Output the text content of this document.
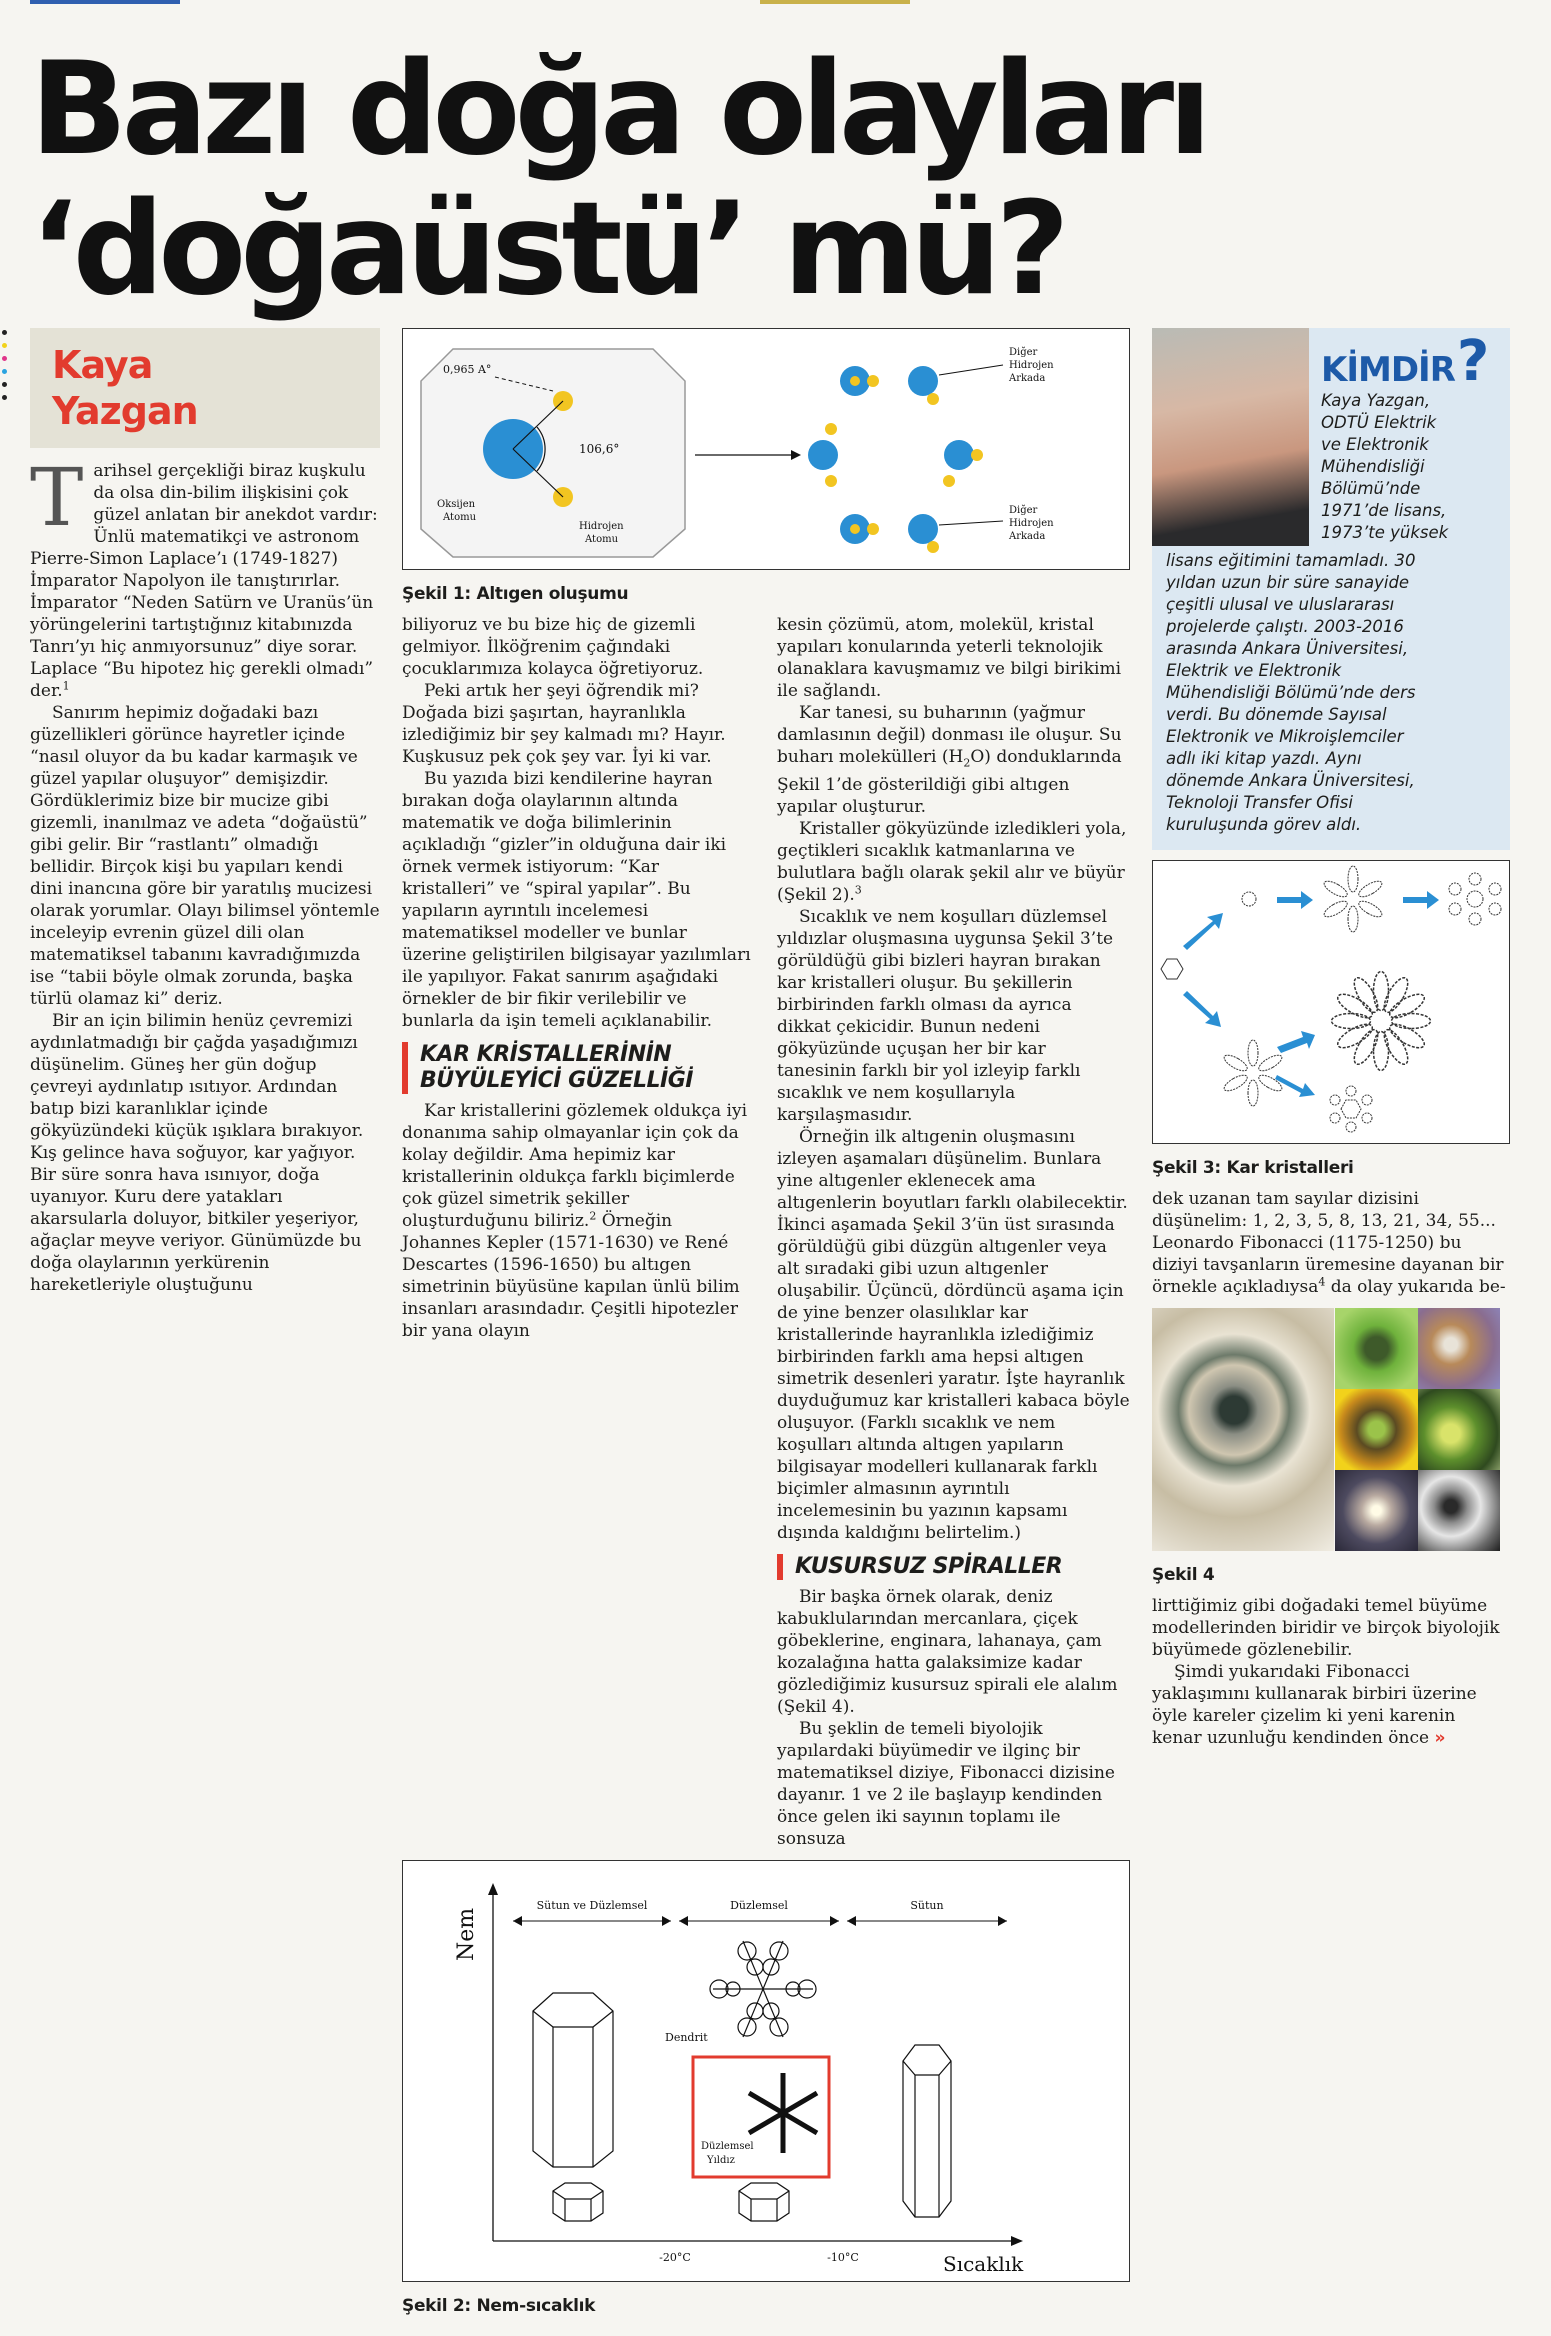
Bazı doğa olayları
‘doğaüstü’ mü?
Kaya
Yazgan

Tarihsel gerçekliği biraz kuşkulu da olsa din-bilim ilişkisini çok güzel anlatan bir anekdot vardır: Ünlü matematikçi ve astronom Pierre-Simon Laplace’ı (1749-1827) İmparator Napolyon ile tanıştırırlar. İmparator “Neden Satürn ve Uranüs’ün yörüngelerini tartıştığınız kitabınızda Tanrı’yı hiç anmıyorsunuz” diye sorar. Laplace “Bu hipotez hiç gerekli olmadı” der.$^1$

Sanırım hepimiz doğadaki bazı güzellikleri görünce hayretler içinde “nasıl oluyor da bu kadar karmaşık ve güzel yapılar oluşuyor” demişizdir. Gördüklerimiz bize bir mucize gibi gizemli, inanılmaz ve adeta “doğaüstü” gibi gelir. Bir “rastlantı” olmadığı bellidir. Birçok kişi bu yapıları kendi dini inancına göre bir yaratılış mucizesi olarak yorumlar. Olayı bilimsel yöntemle inceleyip evrenin güzel dili olan matematiksel tabanını kavradığımızda ise “tabii böyle olmak zorunda, başka türlü olamaz ki” deriz.

Bir an için bilimin henüz çevremizi aydınlatmadığı bir çağda yaşadığımızı düşünelim. Güneş her gün doğup çevreyi aydınlatıp ısıtıyor. Ardından batıp bizi karanlıklar içinde gökyüzündeki küçük ışıklara bırakıyor. Kış gelince hava soğuyor, kar yağıyor. Bir süre sonra hava ısınıyor, doğa uyanıyor. Kuru dere yatakları akarsularla doluyor, bitkiler yeşeriyor, ağaçlar meyve veriyor. Günümüzde bu doğa olaylarının yerkürenin hareketleriyle oluştuğunu

0,965 A°
106,6°
Oksijen
Atomu
Hidrojen
Atomu
Diğer
Hidrojen
Arkada
Diğer
Hidrojen
Arkada
Şekil 1: Altıgen oluşumu

biliyoruz ve bu bize hiç de gizemli gelmiyor. İlköğrenim çağındaki çocuklarımıza kolayca öğretiyoruz.

Peki artık her şeyi öğrendik mi? Doğada bizi şaşırtan, hayranlıkla izlediğimiz bir şey kalmadı mı? Hayır. Kuşkusuz pek çok şey var. İyi ki var.

Bu yazıda bizi kendilerine hayran bırakan doğa olaylarının altında matematik ve doğa bilimlerinin açıkladığı “gizler”in olduğuna dair iki örnek vermek istiyorum: “Kar kristalleri” ve “spiral yapılar”. Bu yapıların ayrıntılı incelemesi matematiksel modeller ve bunlar üzerine geliştirilen bilgisayar yazılımları ile yapılıyor. Fakat sanırım aşağıdaki örnekler de bir fikir verilebilir ve bunlarla da işin temeli açıklanabilir.

KAR KRİSTALLERİNİN BÜYÜLEYİCİ GÜZELLİĞİ

Kar kristallerini gözlemek oldukça iyi donanıma sahip olmayanlar için çok da kolay değildir. Ama hepimiz kar kristallerinin oldukça farklı biçimlerde çok güzel simetrik şekiller oluşturduğunu biliriz.$^2$ Örneğin Johannes Kepler (1571-1630) ve René Descartes (1596-1650) bu altıgen simetrinin büyüsüne kapılan ünlü bilim insanları arasındadır. Çeşitli hipotezler bir yana olayın

kesin çözümü, atom, molekül, kristal yapıları konularında yeterli teknolojik olanaklara kavuşmamız ve bilgi birikimi ile sağlandı.

Kar tanesi, su buharının (yağmur damlasının değil) donması ile oluşur. Su buharı molekülleri $(H_2O)$ donduklarında Şekil 1’de gösterildiği gibi altıgen yapılar oluşturur.

Kristaller gökyüzünde izledikleri yola, geçtikleri sıcaklık katmanlarına ve bulutlara bağlı olarak şekil alır ve büyür (Şekil 2).$^3$

Sıcaklık ve nem koşulları düzlemsel yıldızlar oluşmasına uygunsa Şekil 3’te görüldüğü gibi bizleri hayran bırakan kar kristalleri oluşur. Bu şekillerin birbirinden farklı olması da ayrıca dikkat çekicidir. Bunun nedeni gökyüzünde uçuşan her bir kar tanesinin farklı bir yol izleyip farklı sıcaklık ve nem koşullarıyla karşılaşmasıdır.

Örneğin ilk altıgenin oluşmasını izleyen aşamaları düşünelim. Bunlara yine altıgenler eklenecek ama altıgenlerin boyutları farklı olabilecektir. İkinci aşamada Şekil 3’ün üst sırasında görüldüğü gibi düzgün altıgenler veya alt sıradaki gibi uzun altıgenler oluşabilir. Üçüncü, dördüncü aşama için de yine benzer olasılıklar kar kristallerinde hayranlıkla izlediğimiz birbirinden farklı ama hepsi altıgen simetrik desenleri yaratır. İşte hayranlık duyduğumuz kar kristalleri kabaca böyle oluşuyor. (Farklı sıcaklık ve nem koşulları altında altıgen yapıların bilgisayar modelleri kullanarak farklı biçimler almasının ayrıntılı incelemesinin bu yazının kapsamı dışında kaldığını belirtelim.)

KUSURSUZ SPİRALLER

Bir başka örnek olarak, deniz kabuklularından mercanlara, çiçek göbeklerine, enginara, lahanaya, çam kozalağına hatta galaksimize kadar gözlediğimiz kusursuz spirali ele alalım (Şekil 4).

Bu şeklin de temeli biyolojik yapılardaki büyümedir ve ilginç bir matematiksel diziye, Fibonacci dizisine dayanır. 1 ve 2 ile başlayıp kendinden önce gelen iki sayının toplamı ile sonsuza

Nem
Sütun ve Düzlemsel	Düzlemsel	Sütun
Dendrit
Düzlemsel
Yıldız
-20°C	-10°C	Sıcaklık
Şekil 2: Nem-sıcaklık
KİMDİR ?
Kaya Yazgan,
ODTÜ Elektrik
ve Elektronik
Mühendisliği
Bölümü’nde
1971’de lisans,
1973’te yüksek
lisans eğitimini tamamladı. 30
yıldan uzun bir süre sanayide
çeşitli ulusal ve uluslararası
projelerde çalıştı. 2003-2016
arasında Ankara Üniversitesi,
Elektrik ve Elektronik
Mühendisliği Bölümü’nde ders
verdi. Bu dönemde Sayısal
Elektronik ve Mikroişlemciler
adlı iki kitap yazdı. Aynı
dönemde Ankara Üniversitesi,
Teknoloji Transfer Ofisi
kuruluşunda görev aldı.
Şekil 3: Kar kristalleri

dek uzanan tam sayılar dizisini düşünelim: 1, 2, 3, 5, 8, 13, 21, 34, 55... Leonardo Fibonacci (1175-1250) bu diziyi tavşanların üremesine dayanan bir örnekle açıkladıysa$^4$ da olay yukarıda be-

Şekil 4

lirttiğimiz gibi doğadaki temel büyüme modellerinden biridir ve birçok biyolojik büyümede gözlenebilir.

Şimdi yukarıdaki Fibonacci yaklaşımını kullanarak birbiri üzerine öyle kareler çizelim ki yeni karenin kenar uzunluğu kendinden önce »
